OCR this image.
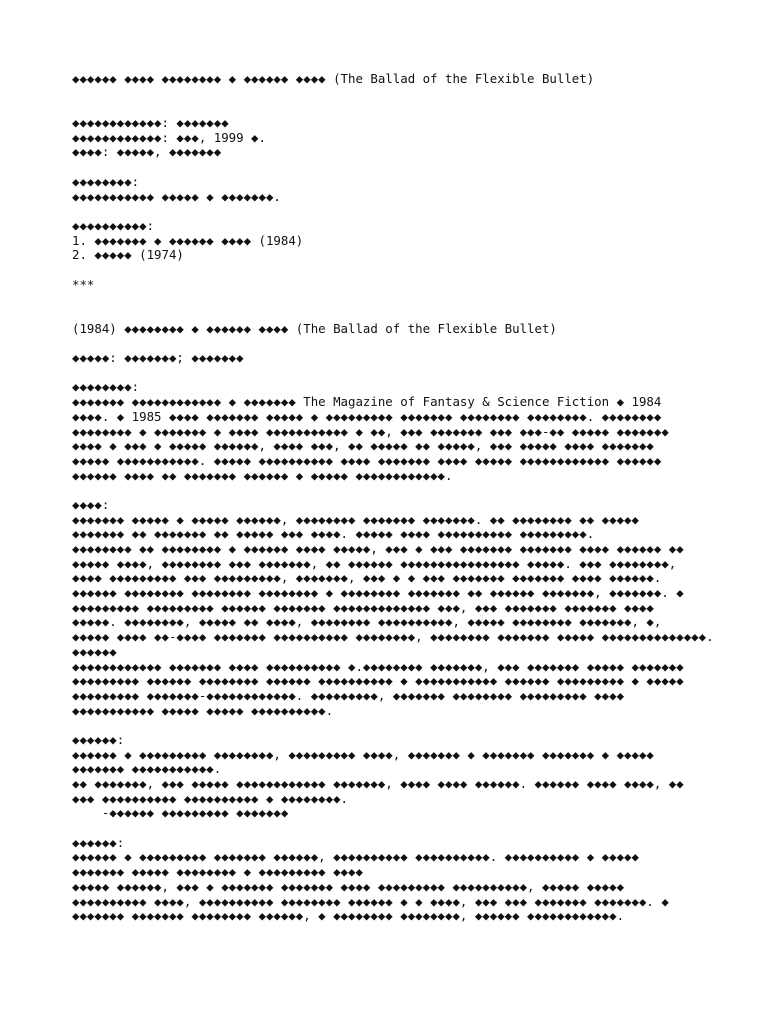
◆◆◆◆◆◆ ◆◆◆◆ ◆◆◆◆◆◆◆◆ ◆ ◆◆◆◆◆◆ ◆◆◆◆ (The Ballad of the Flexible Bullet)
◆◆◆◆◆◆◆◆◆◆◆◆: ◆◆◆◆◆◆◆
◆◆◆◆◆◆◆◆◆◆◆◆: ◆◆◆, 1999 ◆.
◆◆◆◆: ◆◆◆◆◆, ◆◆◆◆◆◆◆
◆◆◆◆◆◆◆◆:
◆◆◆◆◆◆◆◆◆◆◆ ◆◆◆◆◆ ◆ ◆◆◆◆◆◆◆.
◆◆◆◆◆◆◆◆◆◆:
1. ◆◆◆◆◆◆◆ ◆ ◆◆◆◆◆◆ ◆◆◆◆ (1984)
2. ◆◆◆◆◆ (1974)
***
(1984) ◆◆◆◆◆◆◆◆ ◆ ◆◆◆◆◆◆ ◆◆◆◆ (The Ballad of the Flexible Bullet)
◆◆◆◆◆: ◆◆◆◆◆◆◆; ◆◆◆◆◆◆◆
◆◆◆◆◆◆◆◆:
◆◆◆◆◆◆◆ ◆◆◆◆◆◆◆◆◆◆◆◆ ◆ ◆◆◆◆◆◆◆ The Magazine of Fantasy & Science Fiction ◆ 1984
◆◆◆◆. ◆ 1985 ◆◆◆◆ ◆◆◆◆◆◆◆ ◆◆◆◆◆ ◆ ◆◆◆◆◆◆◆◆◆ ◆◆◆◆◆◆◆ ◆◆◆◆◆◆◆◆ ◆◆◆◆◆◆◆◆. ◆◆◆◆◆◆◆◆
◆◆◆◆◆◆◆◆ ◆ ◆◆◆◆◆◆◆ ◆ ◆◆◆◆ ◆◆◆◆◆◆◆◆◆◆◆ ◆ ◆◆, ◆◆◆ ◆◆◆◆◆◆◆ ◆◆◆ ◆◆◆-◆◆ ◆◆◆◆◆ ◆◆◆◆◆◆◆
◆◆◆◆ ◆ ◆◆◆ ◆ ◆◆◆◆◆ ◆◆◆◆◆◆, ◆◆◆◆ ◆◆◆, ◆◆ ◆◆◆◆◆ ◆◆ ◆◆◆◆◆, ◆◆◆ ◆◆◆◆◆ ◆◆◆◆ ◆◆◆◆◆◆◆
◆◆◆◆◆ ◆◆◆◆◆◆◆◆◆◆◆. ◆◆◆◆◆ ◆◆◆◆◆◆◆◆◆◆ ◆◆◆◆ ◆◆◆◆◆◆◆ ◆◆◆◆ ◆◆◆◆◆ ◆◆◆◆◆◆◆◆◆◆◆◆ ◆◆◆◆◆◆
◆◆◆◆◆◆ ◆◆◆◆ ◆◆ ◆◆◆◆◆◆◆ ◆◆◆◆◆◆ ◆ ◆◆◆◆◆ ◆◆◆◆◆◆◆◆◆◆◆◆.
◆◆◆◆:
◆◆◆◆◆◆◆ ◆◆◆◆◆ ◆ ◆◆◆◆◆ ◆◆◆◆◆◆, ◆◆◆◆◆◆◆◆ ◆◆◆◆◆◆◆ ◆◆◆◆◆◆◆. ◆◆ ◆◆◆◆◆◆◆◆ ◆◆ ◆◆◆◆◆
◆◆◆◆◆◆◆ ◆◆ ◆◆◆◆◆◆◆ ◆◆ ◆◆◆◆◆ ◆◆◆ ◆◆◆◆. ◆◆◆◆◆ ◆◆◆◆ ◆◆◆◆◆◆◆◆◆◆ ◆◆◆◆◆◆◆◆◆.
◆◆◆◆◆◆◆◆ ◆◆ ◆◆◆◆◆◆◆◆ ◆ ◆◆◆◆◆◆ ◆◆◆◆ ◆◆◆◆◆, ◆◆◆ ◆ ◆◆◆ ◆◆◆◆◆◆◆ ◆◆◆◆◆◆◆ ◆◆◆◆ ◆◆◆◆◆◆ ◆◆
◆◆◆◆◆ ◆◆◆◆, ◆◆◆◆◆◆◆◆ ◆◆◆ ◆◆◆◆◆◆◆, ◆◆ ◆◆◆◆◆◆ ◆◆◆◆◆◆◆◆◆◆◆◆◆◆◆◆ ◆◆◆◆◆. ◆◆◆ ◆◆◆◆◆◆◆◆,
◆◆◆◆ ◆◆◆◆◆◆◆◆◆ ◆◆◆ ◆◆◆◆◆◆◆◆◆, ◆◆◆◆◆◆◆, ◆◆◆ ◆ ◆ ◆◆◆ ◆◆◆◆◆◆◆ ◆◆◆◆◆◆◆ ◆◆◆◆ ◆◆◆◆◆◆.
◆◆◆◆◆◆ ◆◆◆◆◆◆◆◆ ◆◆◆◆◆◆◆◆ ◆◆◆◆◆◆◆◆ ◆ ◆◆◆◆◆◆◆◆ ◆◆◆◆◆◆◆ ◆◆ ◆◆◆◆◆◆ ◆◆◆◆◆◆◆, ◆◆◆◆◆◆◆. ◆
◆◆◆◆◆◆◆◆◆ ◆◆◆◆◆◆◆◆◆ ◆◆◆◆◆◆ ◆◆◆◆◆◆◆ ◆◆◆◆◆◆◆◆◆◆◆◆◆ ◆◆◆, ◆◆◆ ◆◆◆◆◆◆◆ ◆◆◆◆◆◆◆ ◆◆◆◆
◆◆◆◆◆. ◆◆◆◆◆◆◆◆, ◆◆◆◆◆ ◆◆ ◆◆◆◆, ◆◆◆◆◆◆◆◆ ◆◆◆◆◆◆◆◆◆◆, ◆◆◆◆◆ ◆◆◆◆◆◆◆◆ ◆◆◆◆◆◆◆, ◆,
◆◆◆◆◆ ◆◆◆◆ ◆◆-◆◆◆◆ ◆◆◆◆◆◆◆ ◆◆◆◆◆◆◆◆◆◆ ◆◆◆◆◆◆◆◆, ◆◆◆◆◆◆◆◆ ◆◆◆◆◆◆◆ ◆◆◆◆◆ ◆◆◆◆◆◆◆◆◆◆◆◆◆◆.
◆◆◆◆◆◆
◆◆◆◆◆◆◆◆◆◆◆◆ ◆◆◆◆◆◆◆ ◆◆◆◆ ◆◆◆◆◆◆◆◆◆◆ ◆.◆◆◆◆◆◆◆◆ ◆◆◆◆◆◆◆, ◆◆◆ ◆◆◆◆◆◆◆ ◆◆◆◆◆ ◆◆◆◆◆◆◆
◆◆◆◆◆◆◆◆◆ ◆◆◆◆◆◆ ◆◆◆◆◆◆◆◆ ◆◆◆◆◆◆ ◆◆◆◆◆◆◆◆◆◆ ◆ ◆◆◆◆◆◆◆◆◆◆◆ ◆◆◆◆◆◆ ◆◆◆◆◆◆◆◆◆ ◆ ◆◆◆◆◆
◆◆◆◆◆◆◆◆◆ ◆◆◆◆◆◆◆-◆◆◆◆◆◆◆◆◆◆◆◆. ◆◆◆◆◆◆◆◆◆, ◆◆◆◆◆◆◆ ◆◆◆◆◆◆◆◆ ◆◆◆◆◆◆◆◆◆ ◆◆◆◆
◆◆◆◆◆◆◆◆◆◆◆ ◆◆◆◆◆ ◆◆◆◆◆ ◆◆◆◆◆◆◆◆◆◆.
◆◆◆◆◆◆:
◆◆◆◆◆◆ ◆ ◆◆◆◆◆◆◆◆◆ ◆◆◆◆◆◆◆◆, ◆◆◆◆◆◆◆◆◆ ◆◆◆◆, ◆◆◆◆◆◆◆ ◆ ◆◆◆◆◆◆◆ ◆◆◆◆◆◆◆ ◆ ◆◆◆◆◆
◆◆◆◆◆◆◆ ◆◆◆◆◆◆◆◆◆◆◆.
◆◆ ◆◆◆◆◆◆◆, ◆◆◆ ◆◆◆◆◆ ◆◆◆◆◆◆◆◆◆◆◆◆ ◆◆◆◆◆◆◆, ◆◆◆◆ ◆◆◆◆ ◆◆◆◆◆◆. ◆◆◆◆◆◆ ◆◆◆◆ ◆◆◆◆, ◆◆
◆◆◆ ◆◆◆◆◆◆◆◆◆◆ ◆◆◆◆◆◆◆◆◆◆ ◆ ◆◆◆◆◆◆◆◆.
-◆◆◆◆◆◆ ◆◆◆◆◆◆◆◆◆ ◆◆◆◆◆◆◆
◆◆◆◆◆◆:
◆◆◆◆◆◆ ◆ ◆◆◆◆◆◆◆◆◆ ◆◆◆◆◆◆◆ ◆◆◆◆◆◆, ◆◆◆◆◆◆◆◆◆◆ ◆◆◆◆◆◆◆◆◆◆. ◆◆◆◆◆◆◆◆◆◆ ◆ ◆◆◆◆◆
◆◆◆◆◆◆◆ ◆◆◆◆◆ ◆◆◆◆◆◆◆◆ ◆ ◆◆◆◆◆◆◆◆◆ ◆◆◆◆
◆◆◆◆◆ ◆◆◆◆◆◆, ◆◆◆ ◆ ◆◆◆◆◆◆◆ ◆◆◆◆◆◆◆ ◆◆◆◆ ◆◆◆◆◆◆◆◆◆ ◆◆◆◆◆◆◆◆◆◆, ◆◆◆◆◆ ◆◆◆◆◆
◆◆◆◆◆◆◆◆◆◆ ◆◆◆◆, ◆◆◆◆◆◆◆◆◆◆ ◆◆◆◆◆◆◆◆ ◆◆◆◆◆◆ ◆ ◆ ◆◆◆◆, ◆◆◆ ◆◆◆ ◆◆◆◆◆◆◆ ◆◆◆◆◆◆◆. ◆
◆◆◆◆◆◆◆ ◆◆◆◆◆◆◆ ◆◆◆◆◆◆◆◆ ◆◆◆◆◆◆, ◆ ◆◆◆◆◆◆◆◆ ◆◆◆◆◆◆◆◆, ◆◆◆◆◆◆ ◆◆◆◆◆◆◆◆◆◆◆◆.
